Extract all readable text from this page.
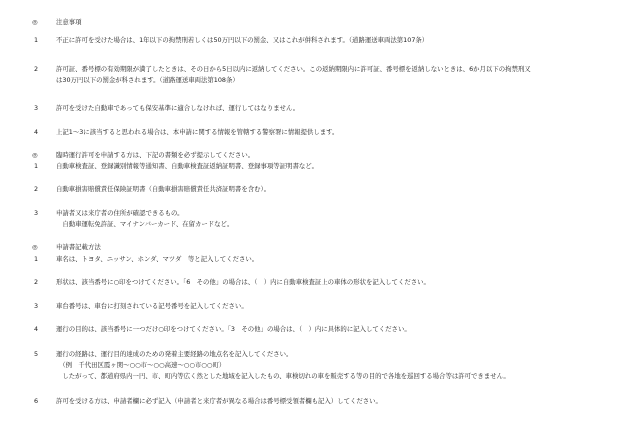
◎	注意事項
1	不正に許可を受けた場合は、1年以下の拘禁刑若しくは50万円以下の罰金、又はこれが併科されます。（道路運送車両法第107条）
2	許可証、番号標の有効期限が満了したときは、その日から5日以内に返納してください。この返納期限内に許可証、番号標を返納しないときは、6か月以下の拘禁刑又
は30万円以下の罰金が科されます。（道路運送車両法第108条）
3	許可を受けた自動車であっても保安基準に適合しなければ、運行してはなりません。
4	上記1〜3に該当すると思われる場合は、本申請に関する情報を管轄する警察署に情報提供します。
◎	臨時運行許可を申請する方は、下記の書類を必ず提示してください。
1	自動車検査証、登録識別情報等通知書、自動車検査証返納証明書、登録事項等証明書など。
2	自動車損害賠償責任保険証明書（自動車損害賠償責任共済証明書を含む）。
3	申請者又は来庁者の住所が確認できるもの。
　自動車運転免許証、マイナンバーカード、在留カードなど。
◎	申請書記載方法
1	車名は、トヨタ、ニッサン、ホンダ、マツダ　等と記入してください。
2	形状は、該当番号に○印をつけてください。「6　その他」の場合は、（　）内に自動車検査証上の車体の形状を記入してください。
3	車台番号は、車台に打刻されている記号番号を記入してください。
4	運行の目的は、該当番号に一つだけ○印をつけてください。「3　その他」の場合は、（　）内に具体的に記入してください。
5	運行の経路は、運行目的達成のための発着主要経路の地点名を記入してください。
　（例　千代田区霞ヶ関〜○○市〜○○高速〜○○市○○町）
　したがって、都道府県内一円、市、町内等広く然とした地域を記入したもの、車検切れの車を販売する等の目的で各地を巡回する場合等は許可できません。
6	許可を受ける方は、申請者欄に必ず記入（申請者と来庁者が異なる場合は番号標受領者欄も記入）してください。
